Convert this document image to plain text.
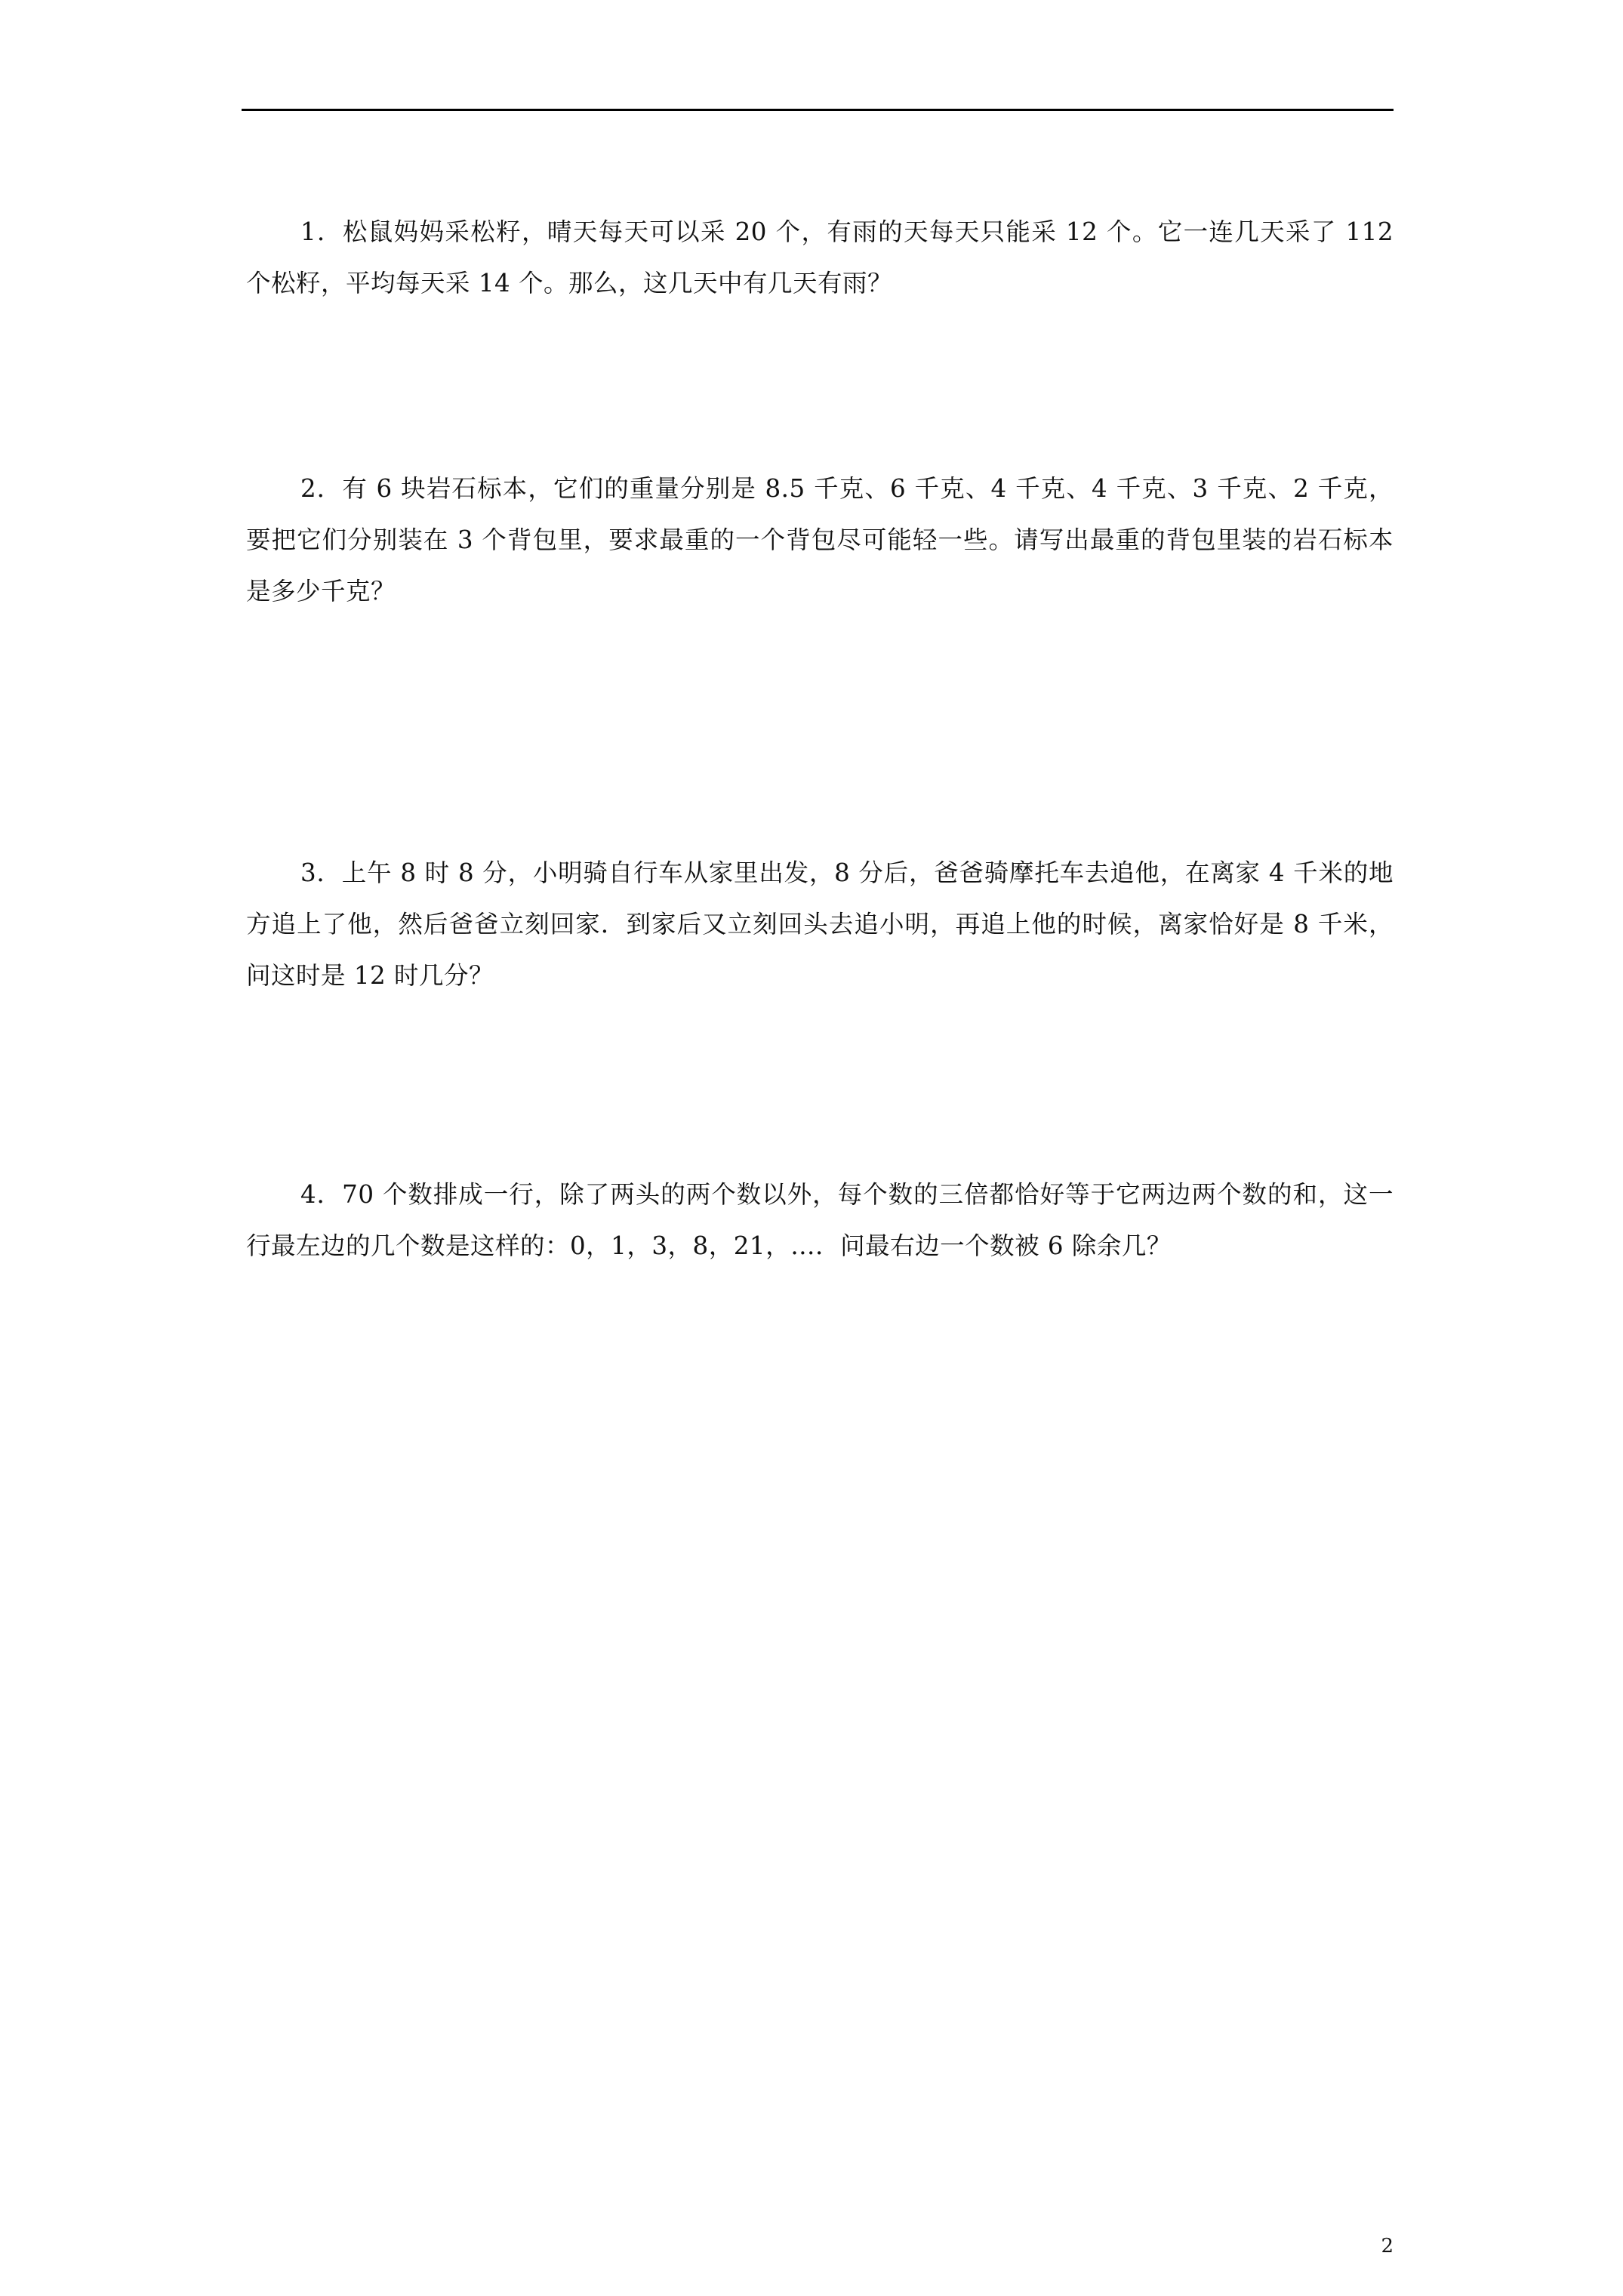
1．松鼠妈妈采松籽，晴天每天可以采 20 个，有雨的天每天只能采 12 个。它一连几天采了 112 个松籽，平均每天采 14 个。那么，这几天中有几天有雨？

2．有 6 块岩石标本，它们的重量分别是 8.5 千克、6 千克、4 千克、4 千克、3 千克、2 千克，要把它们分别装在 3 个背包里，要求最重的一个背包尽可能轻一些。请写出最重的背包里装的岩石标本是多少千克？

3．上午 8 时 8 分，小明骑自行车从家里出发，8 分后，爸爸骑摩托车去追他，在离家 4 千米的地方追上了他，然后爸爸立刻回家．到家后又立刻回头去追小明，再追上他的时候，离家恰好是 8 千米，问这时是 12 时几分？

4．70 个数排成一行，除了两头的两个数以外，每个数的三倍都恰好等于它两边两个数的和，这一行最左边的几个数是这样的：0，1，3，8，21，…．问最右边一个数被 6 除余几？

2
